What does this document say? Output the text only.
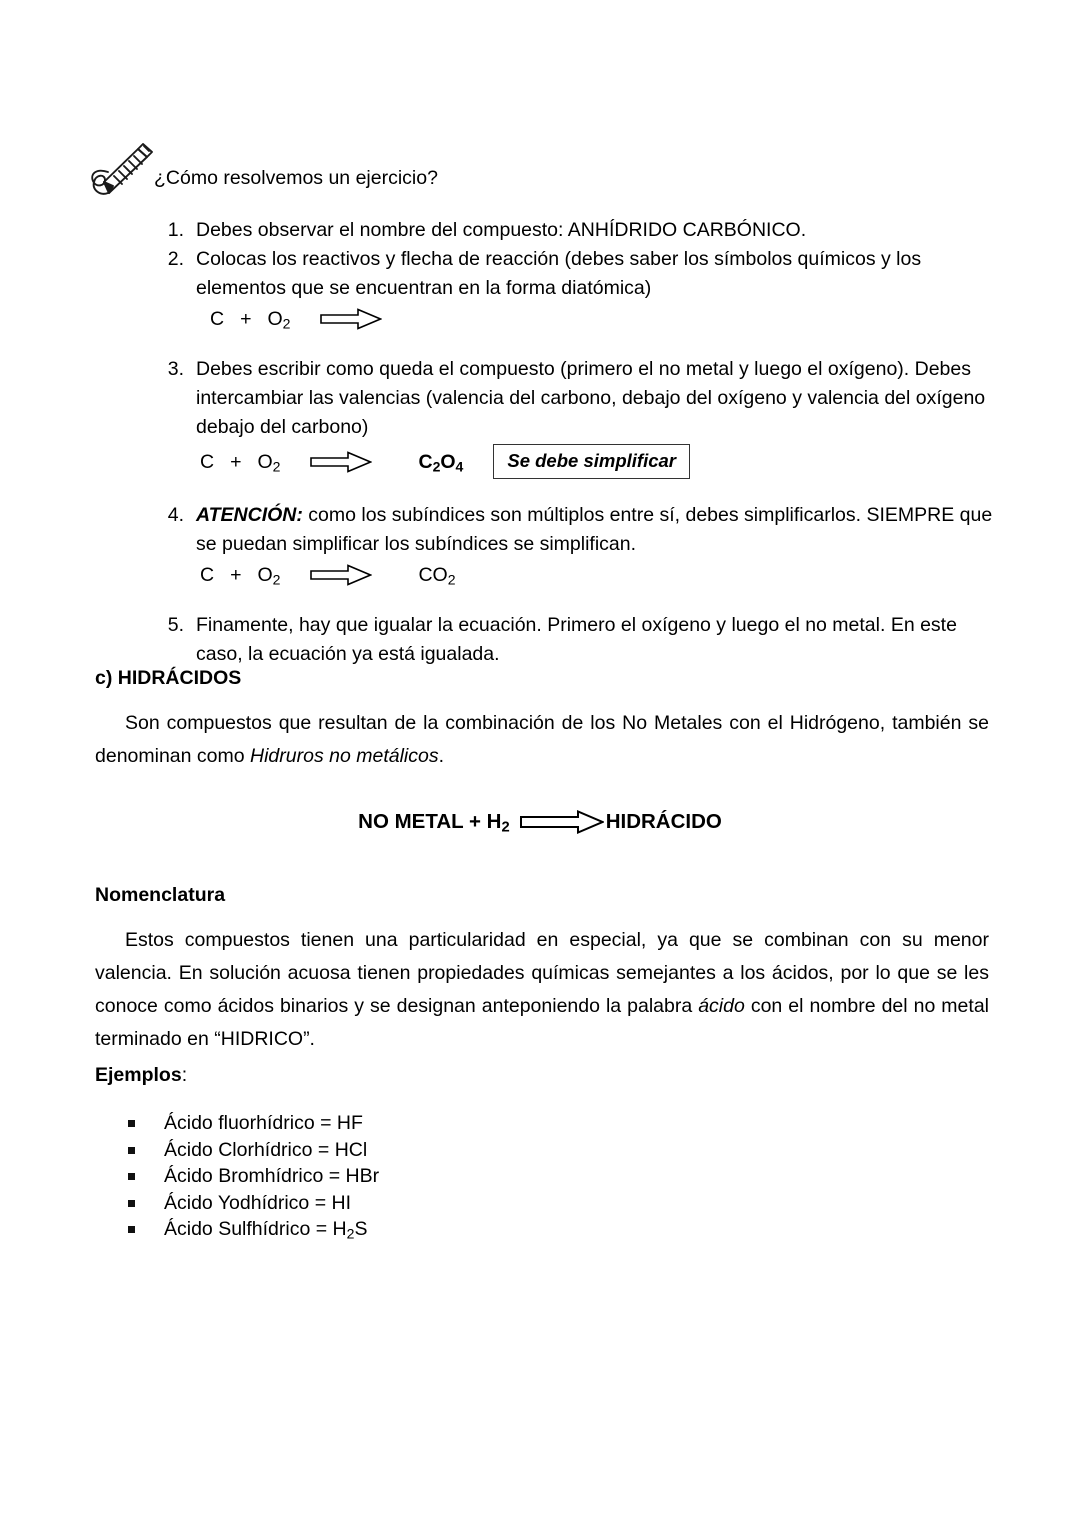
¿Cómo resolvemos un ejercicio?
1. Debes observar el nombre del compuesto: ANHÍDRIDO CARBÓNICO.
2. Colocas los reactivos y flecha de reacción (debes saber los símbolos químicos y los elementos que se encuentran en la forma diatómica)
$C + O_2$
3. Debes escribir como queda el compuesto (primero el no metal y luego el oxígeno). Debes intercambiar las valencias (valencia del carbono, debajo del oxígeno y valencia del oxígeno debajo del carbono)
$C + O_2$	$C_2O_4$	Se debe simplificar
4. ATENCIÓN: como los subíndices son múltiplos entre sí, debes simplificarlos. SIEMPRE que se puedan simplificar los subíndices se simplifican.
$C + O_2$	$CO_2$
5. Finamente, hay que igualar la ecuación. Primero el oxígeno y luego el no metal. En este caso, la ecuación ya está igualada.
c) HIDRÁCIDOS
Son compuestos que resultan de la combinación de los No Metales con el Hidrógeno, también se denominan como Hidruros no metálicos.
NO METAL + $H_2$	HIDRÁCIDO
Nomenclatura
Estos compuestos tienen una particularidad en especial, ya que se combinan con su menor valencia. En solución acuosa tienen propiedades químicas semejantes a los ácidos, por lo que se les conoce como ácidos binarios y se designan anteponiendo la palabra ácido con el nombre del no metal terminado en “HIDRICO”.
Ejemplos:
Ácido fluorhídrico = HF
Ácido Clorhídrico = HCl
Ácido Bromhídrico = HBr
Ácido Yodhídrico = HI
Ácido Sulfhídrico = $H_2S$
